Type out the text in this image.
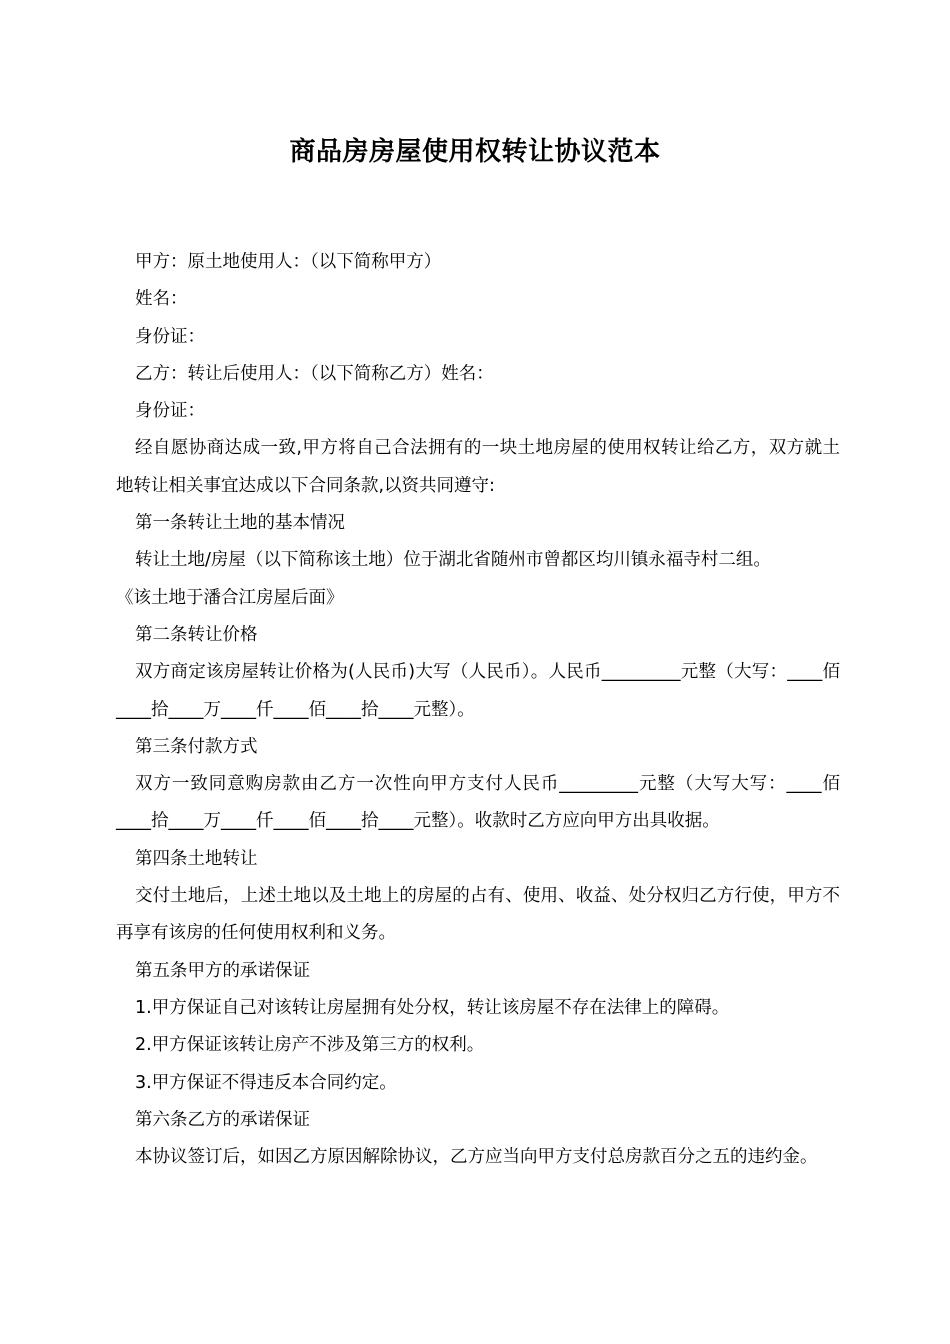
商品房房屋使用权转让协议范本

甲方：原土地使用人：（以下简称甲方）

姓名：

身份证：

乙方：转让后使用人：（以下简称乙方）姓名：

身份证：

经自愿协商达成一致,甲方将自己合法拥有的一块土地房屋的使用权转让给乙方，双方就土地转让相关事宜达成以下合同条款,以资共同遵守:

第一条转让土地的基本情况

转让土地/房屋（以下简称该土地）位于湖北省随州市曾都区均川镇永福寺村二组。

《该土地于潘合江房屋后面》

第二条转让价格

双方商定该房屋转让价格为(人民币)大写（人民币）。人民币_________元整（大写：____佰____拾____万____仟____佰____拾____元整）。

第三条付款方式

双方一致同意购房款由乙方一次性向甲方支付人民币_________元整（大写大写：____佰____拾____万____仟____佰____拾____元整）。收款时乙方应向甲方出具收据。

第四条土地转让

交付土地后，上述土地以及土地上的房屋的占有、使用、收益、处分权归乙方行使，甲方不再享有该房的任何使用权利和义务。

第五条甲方的承诺保证

1.甲方保证自己对该转让房屋拥有处分权，转让该房屋不存在法律上的障碍。

2.甲方保证该转让房产不涉及第三方的权利。

3.甲方保证不得违反本合同约定。

第六条乙方的承诺保证

本协议签订后，如因乙方原因解除协议，乙方应当向甲方支付总房款百分之五的违约金。
